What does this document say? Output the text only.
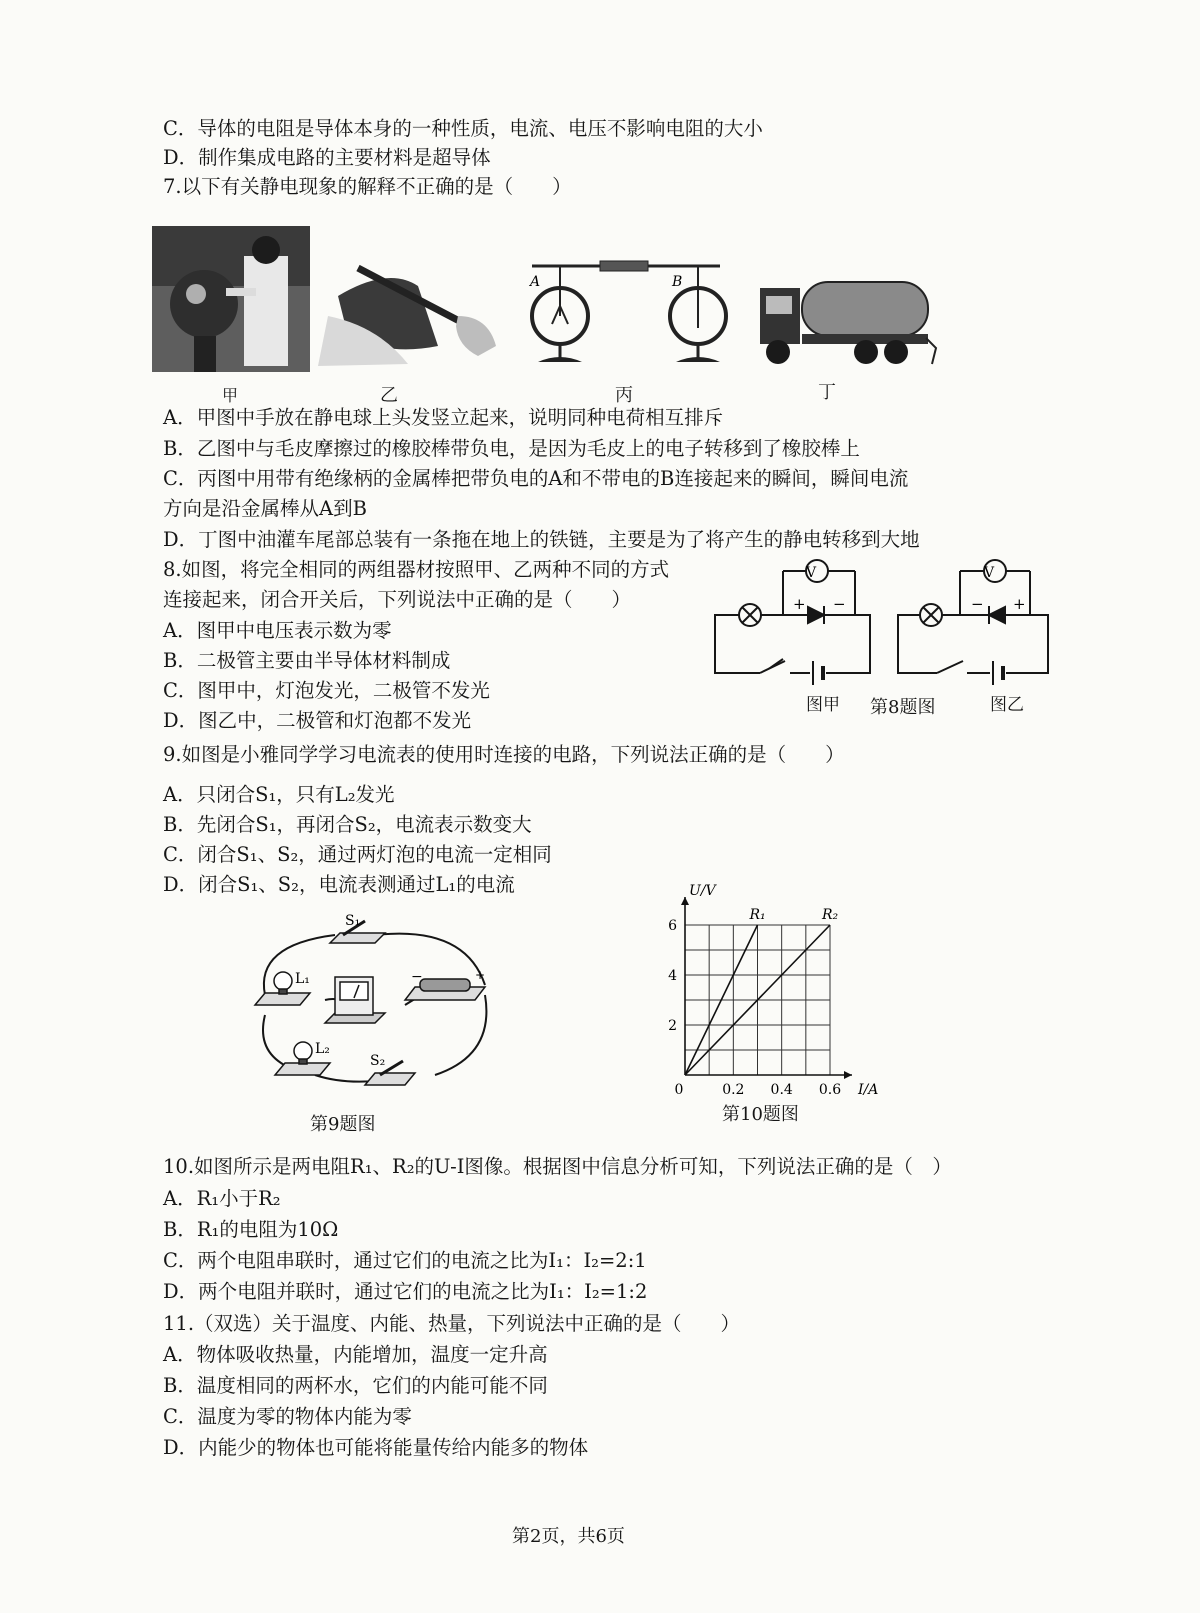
C．导体的电阻是导体本身的一种性质，电流、电压不影响电阻的大小
D．制作集成电路的主要材料是超导体
7.以下有关静电现象的解释不正确的是（　　）
A	B
甲	乙	丙	丁
A．甲图中手放在静电球上头发竖立起来，说明同种电荷相互排斥
B．乙图中与毛皮摩擦过的橡胶棒带负电，是因为毛皮上的电子转移到了橡胶棒上
C．丙图中用带有绝缘柄的金属棒把带负电的A和不带电的B连接起来的瞬间，瞬间电流
方向是沿金属棒从A到B
D．丁图中油灌车尾部总装有一条拖在地上的铁链，主要是为了将产生的静电转移到大地
8.如图，将完全相同的两组器材按照甲、乙两种不同的方式
连接起来，闭合开关后，下列说法中正确的是（　　）
A．图甲中电压表示数为零
B．二极管主要由半导体材料制成
C．图甲中，灯泡发光，二极管不发光
D．图乙中，二极管和灯泡都不发光
V
+ −
V
− +
图甲 第8题图	图乙
9.如图是小雅同学学习电流表的使用时连接的电路，下列说法正确的是（　　）
A．只闭合S₁，只有L₂发光
B．先闭合S₁，再闭合S₂，电流表示数变大
C．闭合S₁、S₂，通过两灯泡的电流一定相同
D．闭合S₁、S₂，电流表测通过L₁的电流
S₁
L₁	−	+
L₂
S₂
第9题图
0	0.2 0.4 0.6
2
4
6
I/A
U/V
R₁	R₂
第10题图
10.如图所示是两电阻R₁、R₂的U-I图像。根据图中信息分析可知，下列说法正确的是（　）
A．R₁小于R₂
B．R₁的电阻为10Ω
C．两个电阻串联时，通过它们的电流之比为I₁：I₂=2:1
D．两个电阻并联时，通过它们的电流之比为I₁：I₂=1:2
11.（双选）关于温度、内能、热量，下列说法中正确的是（　　）
A．物体吸收热量，内能增加，温度一定升高
B．温度相同的两杯水，它们的内能可能不同
C．温度为零的物体内能为零
D．内能少的物体也可能将能量传给内能多的物体
第2页，共6页
